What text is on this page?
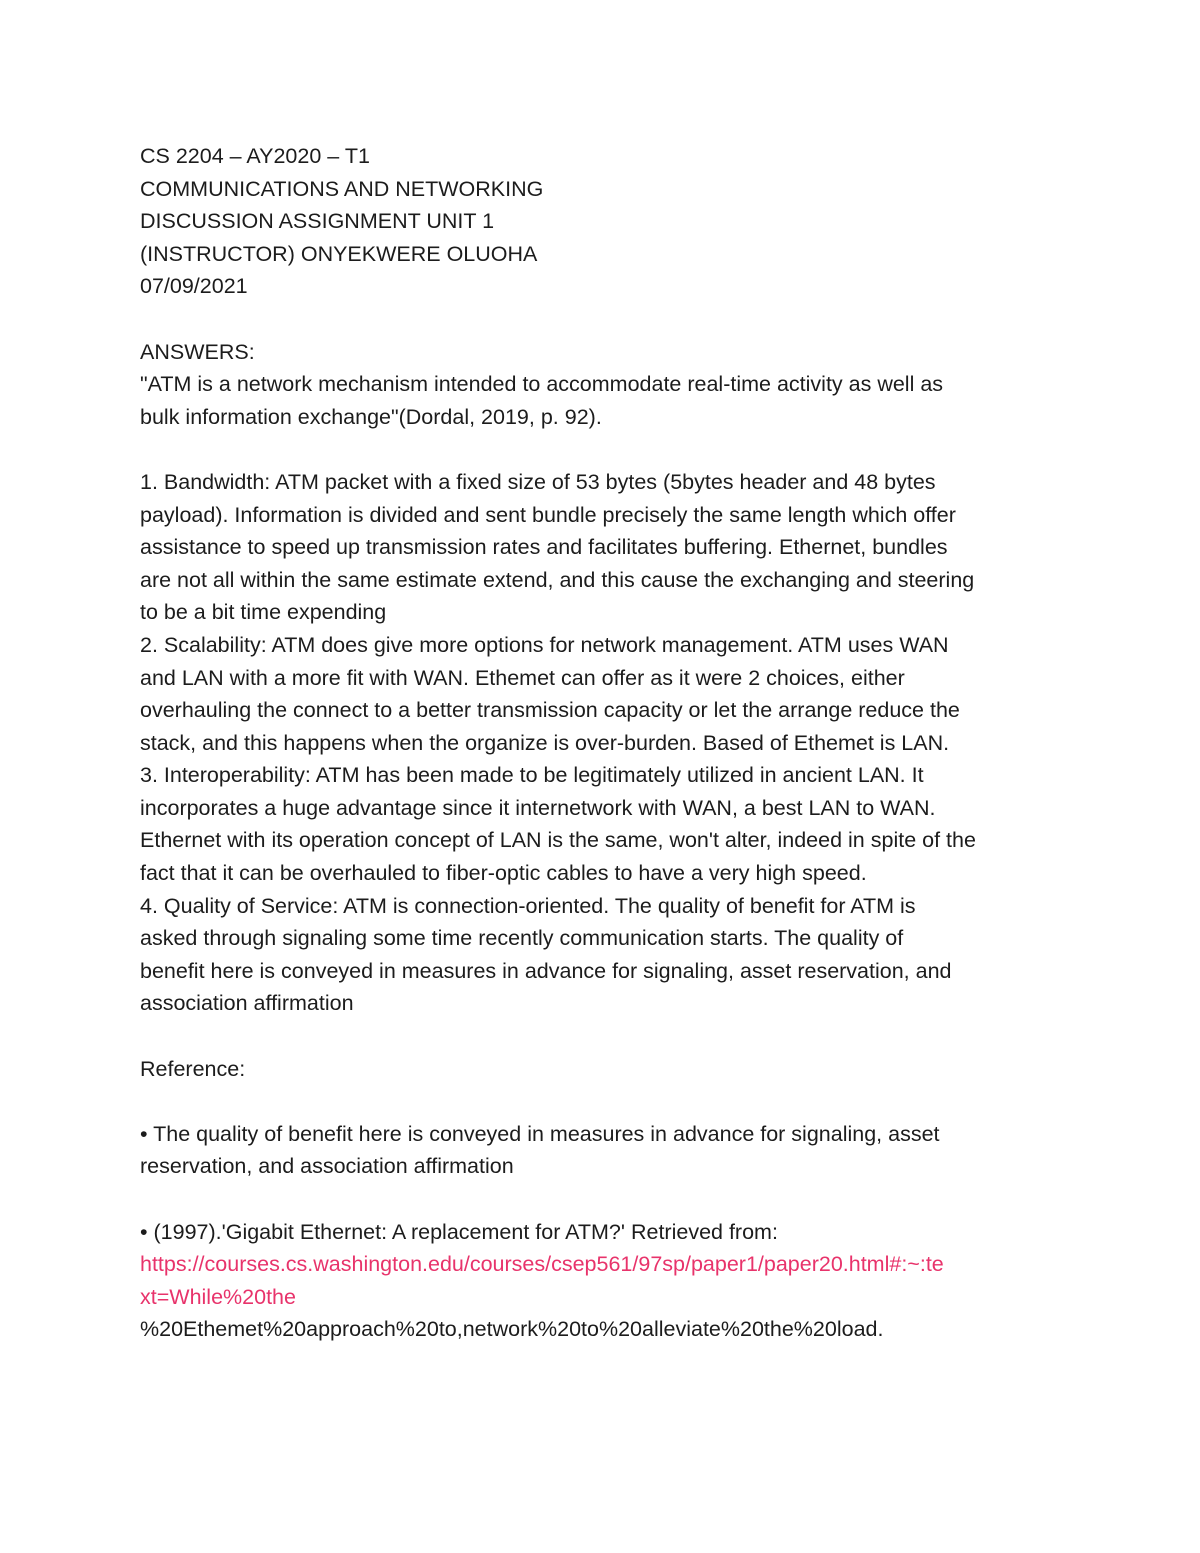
CS 2204 – AY2020 – T1
COMMUNICATIONS AND NETWORKING
DISCUSSION ASSIGNMENT UNIT 1
(INSTRUCTOR) ONYEKWERE OLUOHA
07/09/2021
ANSWERS:
"ATM is a network mechanism intended to accommodate real-time activity as well as
bulk information exchange"(Dordal, 2019, p. 92).
1. Bandwidth: ATM packet with a fixed size of 53 bytes (5bytes header and 48 bytes
payload). Information is divided and sent bundle precisely the same length which offer
assistance to speed up transmission rates and facilitates buffering. Ethernet, bundles
are not all within the same estimate extend, and this cause the exchanging and steering
to be a bit time expending
2. Scalability: ATM does give more options for network management. ATM uses WAN
and LAN with a more fit with WAN. Ethemet can offer as it were 2 choices, either
overhauling the connect to a better transmission capacity or let the arrange reduce the
stack, and this happens when the organize is over-burden. Based of Ethemet is LAN.
3. Interoperability: ATM has been made to be legitimately utilized in ancient LAN. It
incorporates a huge advantage since it internetwork with WAN, a best LAN to WAN.
Ethernet with its operation concept of LAN is the same, won't alter, indeed in spite of the
fact that it can be overhauled to fiber-optic cables to have a very high speed.
4. Quality of Service: ATM is connection-oriented. The quality of benefit for ATM is
asked through signaling some time recently communication starts. The quality of
benefit here is conveyed in measures in advance for signaling, asset reservation, and
association affirmation
Reference:
• The quality of benefit here is conveyed in measures in advance for signaling, asset
reservation, and association affirmation
• (1997).'Gigabit Ethernet: A replacement for ATM?' Retrieved from:
https://courses.cs.washington.edu/courses/csep561/97sp/paper1/paper20.html#:~:te
xt=While%20the
%20Ethemet%20approach%20to,network%20to%20alleviate%20the%20load.
